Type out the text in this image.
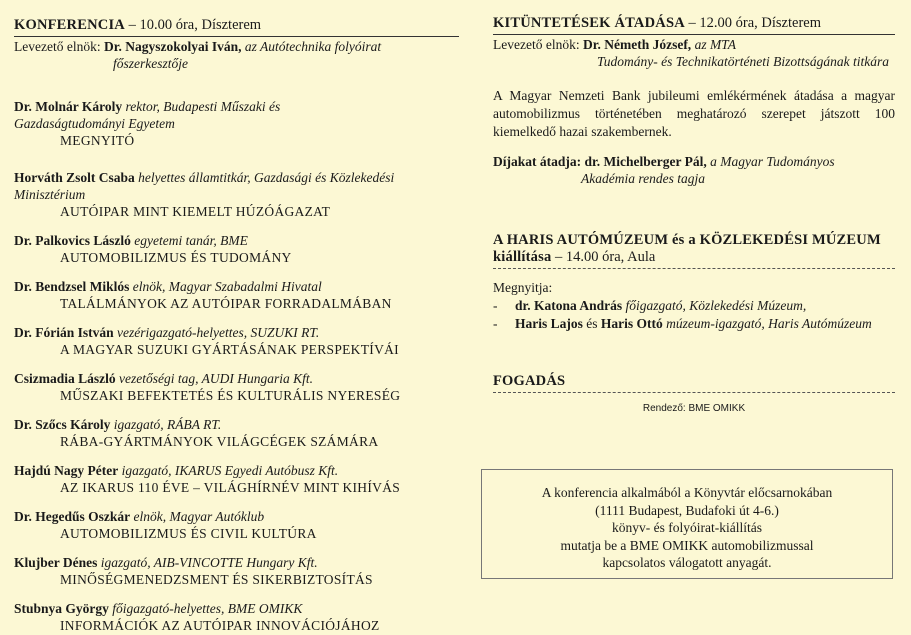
KONFERENCIA – 10.00 óra, Díszterem
Levezető elnök: Dr. Nagyszokolyai Iván, az Autótechnika folyóirat
főszerkesztője
Dr. Molnár Károly rektor, Budapesti Műszaki és
Gazdaságtudományi Egyetem
MEGNYITÓ
Horváth Zsolt Csaba helyettes államtitkár, Gazdasági és Közlekedési
Minisztérium
AUTÓIPAR MINT KIEMELT HÚZÓÁGAZAT
Dr. Palkovics László egyetemi tanár, BME
AUTOMOBILIZMUS ÉS TUDOMÁNY
Dr. Bendzsel Miklós elnök, Magyar Szabadalmi Hivatal
TALÁLMÁNYOK AZ AUTÓIPAR FORRADALMÁBAN
Dr. Fórián István vezérigazgató-helyettes, SUZUKI RT.
A MAGYAR SUZUKI GYÁRTÁSÁNAK PERSPEKTÍVÁI
Csizmadia László vezetőségi tag, AUDI Hungaria Kft.
MŰSZAKI BEFEKTETÉS ÉS KULTURÁLIS NYERESÉG
Dr. Szőcs Károly igazgató, RÁBA RT.
RÁBA-GYÁRTMÁNYOK VILÁGCÉGEK SZÁMÁRA
Hajdú Nagy Péter igazgató, IKARUS Egyedi Autóbusz Kft.
AZ IKARUS 110 ÉVE – VILÁGHÍRNÉV MINT KIHÍVÁS
Dr. Hegedűs Oszkár elnök, Magyar Autóklub
AUTOMOBILIZMUS ÉS CIVIL KULTÚRA
Klujber Dénes igazgató, AIB-VINCOTTE Hungary Kft.
MINŐSÉGMENEDZSMENT ÉS SIKERBIZTOSÍTÁS
Stubnya György főigazgató-helyettes, BME OMIKK
INFORMÁCIÓK AZ AUTÓIPAR INNOVÁCIÓJÁHOZ
KITÜNTETÉSEK ÁTADÁSA – 12.00 óra, Díszterem
Levezető elnök: Dr. Németh József, az MTA
Tudomány- és Technikatörténeti Bizottságának titkára
A Magyar Nemzeti Bank jubileumi emlékérmének átadása a magyar automobilizmus történetében meghatározó szerepet játszott 100 kiemelkedő hazai szakembernek.
Díjakat átadja: dr. Michelberger Pál, a Magyar Tudományos
Akadémia rendes tagja
A HARIS AUTÓMÚZEUM és a KÖZLEKEDÉSI MÚZEUM
kiállítása – 14.00 óra, Aula
Megnyitja:
- dr. Katona András főigazgató, Közlekedési Múzeum,
- Haris Lajos és Haris Ottó múzeum-igazgató, Haris Autómúzeum
FOGADÁS
Rendező: BME OMIKK
A konferencia alkalmából a Könyvtár előcsarnokában
(1111 Budapest, Budafoki út 4-6.)
könyv- és folyóirat-kiállítás
mutatja be a BME OMIKK automobilizmussal
kapcsolatos válogatott anyagát.
